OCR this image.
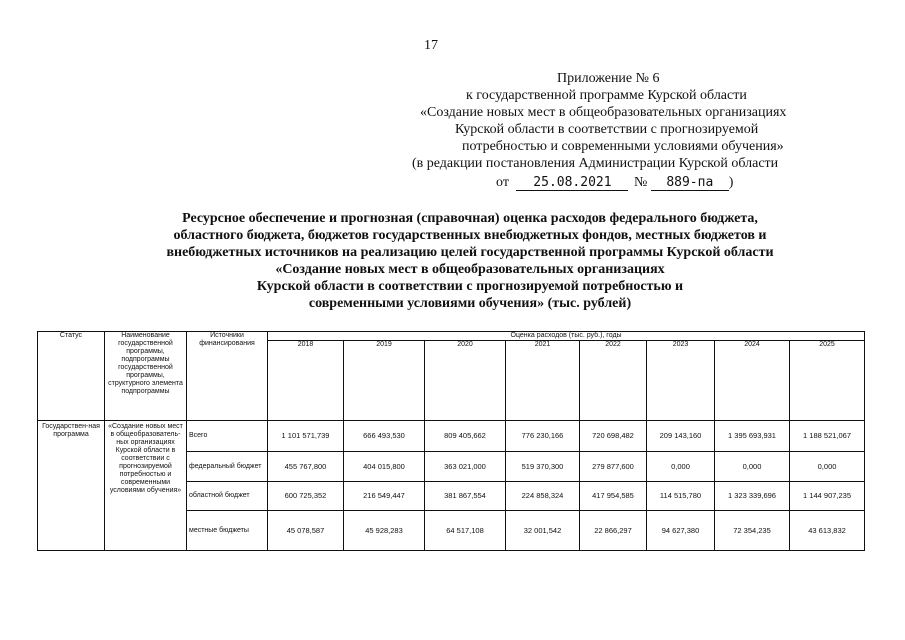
17
Приложение № 6
к государственной программе Курской области
«Создание новых мест в общеобразовательных организациях
Курской области в соответствии с прогнозируемой
потребностью и современными условиями обучения»
(в редакции постановления Администрации Курской области
от 25.08.2021 № 889-па )
Ресурсное обеспечение и прогнозная (справочная) оценка расходов федерального бюджета,
областного бюджета, бюджетов государственных внебюджетных фондов, местных бюджетов и
внебюджетных источников на реализацию целей государственной программы Курской области
«Создание новых мест в общеобразовательных организациях
Курской области в соответствии с прогнозируемой потребностью и
современными условиями обучения» (тыс. рублей)
Статус	Наименование государственной программы, подпрограммы государственной программы, структурного элемента подпрограммы	Источники финансирования	Оценка расходов (тыс. руб.), годы							
			2018	2019	2020	2021	2022	2023	2024	2025
Государствен-ная программа	«Создание новых мест в общеобразователь-ных организациях Курской области в соответствии с прогнозируемой потребностью и современными условиями обучения»	Всего	1 101 571,739	666 493,530	809 405,662	776 230,166	720 698,482	209 143,160	1 395 693,931	1 188 521,067
		федеральный бюджет	455 767,800	404 015,800	363 021,000	519 370,300	279 877,600	0,000	0,000	0,000
		областной бюджет	600 725,352	216 549,447	381 867,554	224 858,324	417 954,585	114 515,780	1 323 339,696	1 144 907,235
		местные бюджеты	45 078,587	45 928,283	64 517,108	32 001,542	22 866,297	94 627,380	72 354,235	43 613,832
